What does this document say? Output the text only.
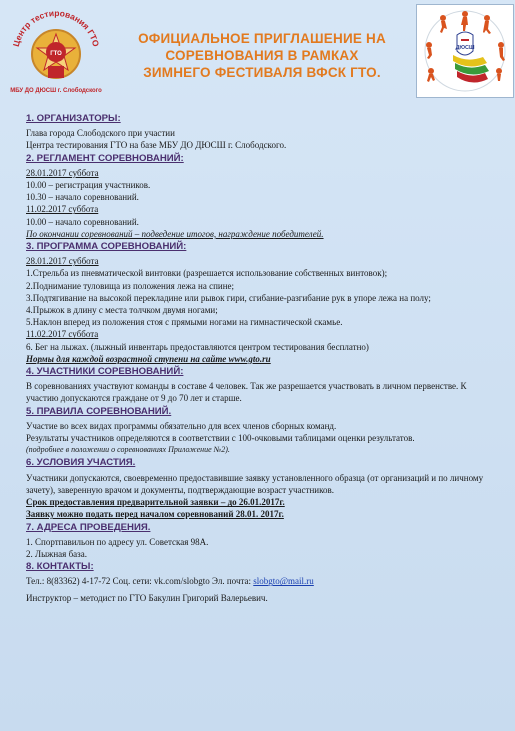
Центр тестирования ГТО
ГТО
МБУ ДО ДЮСШ г. Слободского
ОФИЦИАЛЬНОЕ ПРИГЛАШЕНИЕ НА
СОРЕВНОВАНИЯ В РАМКАХ
ЗИМНЕГО ФЕСТИВАЛЯ ВФСК ГТО.
ДЮСШ
1. ОРГАНИЗАТОРЫ:
Глава города Слободского при участии
Центра тестирования ГТО на базе МБУ ДО ДЮСШ г. Слободского.
2. РЕГЛАМЕНТ СОРЕВНОВАНИЙ:
28.01.2017 суббота
10.00 – регистрация участников.
10.30 – начало соревнований.
11.02.2017 суббота
10.00 – начало соревнований.
По окончании соревнований – подведение итогов, награждение победителей.
3. ПРОГРАММА СОРЕВНОВАНИЙ:
28.01.2017 суббота
1.Стрельба из пневматической винтовки (разрешается использование собственных винтовок);
2.Поднимание туловища из положения лежа на спине;
3.Подтягивание на высокой перекладине или рывок гири, сгибание-разгибание рук в упоре лежа на полу;
4.Прыжок в длину с места толчком двумя ногами;
5.Наклон вперед из положения стоя с прямыми ногами на гимнастической скамье.
11.02.2017 суббота
6. Бег на лыжах. (лыжный инвентарь предоставляются центром тестирования бесплатно)
Нормы для каждой возрастной ступени на сайте www.gto.ru
4. УЧАСТНИКИ СОРЕВНОВАНИЙ:
В соревнованиях участвуют команды в составе 4 человек. Так же разрешается участвовать в личном первенстве. К участию допускаются граждане от 9 до 70 лет и старше.
5. ПРАВИЛА СОРЕВНОВАНИЙ.
Участие во всех видах программы обязательно для всех членов сборных команд.
Результаты участников определяются в соответствии с 100-очковыми таблицами оценки результатов.
(подробнее в положении о соревнованиях Приложение №2).
6. УСЛОВИЯ УЧАСТИЯ.
Участники допускаются, своевременно предоставившие заявку установленного образца (от организаций и по личному зачету), заверенную врачом и документы, подтверждающие возраст участников.
Срок предоставления предварительной заявки – до 26.01.2017г.
Заявку можно подать перед началом соревнований 28.01. 2017г.
7. АДРЕСА ПРОВЕДЕНИЯ.
1. Спортпавильон по адресу ул. Советская 98А.
2. Лыжная база.
8. КОНТАКТЫ:
Тел.: 8(83362) 4-17-72 Соц. сети: vk.com/slobgto Эл. почта: slobgto@mail.ru
Инструктор – методист по ГТО Бакулин Григорий Валерьевич.
